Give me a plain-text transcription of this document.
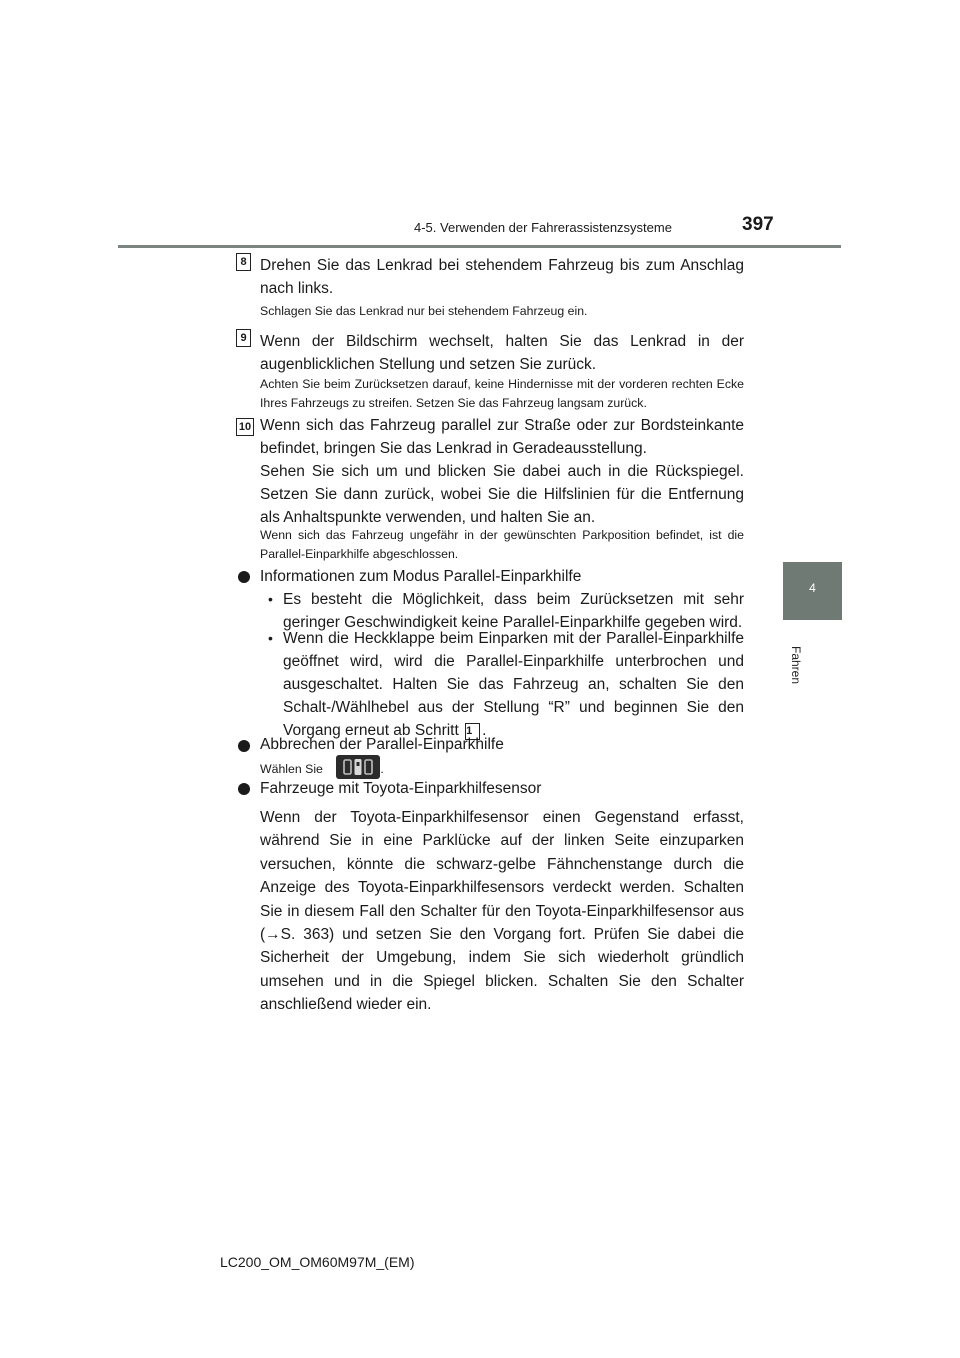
4-5. Verwenden der Fahrerassistenzsysteme	397
4
Fahren
8 Drehen Sie das Lenkrad bei stehendem Fahrzeug bis zum Anschlag nach links.
Schlagen Sie das Lenkrad nur bei stehendem Fahrzeug ein.
9 Wenn der Bildschirm wechselt, halten Sie das Lenkrad in der augenblicklichen Stellung und setzen Sie zurück.
Achten Sie beim Zurücksetzen darauf, keine Hindernisse mit der vorderen rechten Ecke Ihres Fahrzeugs zu streifen. Setzen Sie das Fahrzeug langsam zurück.
10 Wenn sich das Fahrzeug parallel zur Straße oder zur Bordsteinkante befindet, bringen Sie das Lenkrad in Geradeausstellung.
Sehen Sie sich um und blicken Sie dabei auch in die Rückspiegel. Setzen Sie dann zurück, wobei Sie die Hilfslinien für die Entfernung als Anhaltspunkte verwenden, und halten Sie an.
Wenn sich das Fahrzeug ungefähr in der gewünschten Parkposition befindet, ist die Parallel-Einparkhilfe abgeschlossen.
Informationen zum Modus Parallel-Einparkhilfe
• Es besteht die Möglichkeit, dass beim Zurücksetzen mit sehr geringer Geschwindigkeit keine Parallel-Einparkhilfe gegeben wird.
• Wenn die Heckklappe beim Einparken mit der Parallel-Einparkhilfe geöffnet wird, wird die Parallel-Einparkhilfe unterbrochen und ausgeschaltet. Halten Sie das Fahrzeug an, schalten Sie den Schalt-/Wählhebel aus der Stellung “R” und beginnen Sie den Vorgang erneut ab Schritt 1 .
Abbrechen der Parallel-Einparkhilfe
Wählen Sie	.
Fahrzeuge mit Toyota-Einparkhilfesensor
Wenn der Toyota-Einparkhilfesensor einen Gegenstand erfasst, während Sie in eine Parklücke auf der linken Seite einzuparken versuchen, könnte die schwarz-gelbe Fähnchenstange durch die Anzeige des Toyota-Einparkhilfesensors verdeckt werden. Schalten Sie in diesem Fall den Schalter für den Toyota-Einparkhilfesensor aus (→S. 363) und setzen Sie den Vorgang fort. Prüfen Sie dabei die Sicherheit der Umgebung, indem Sie sich wiederholt gründlich umsehen und in die Spiegel blicken. Schalten Sie den Schalter anschließend wieder ein.
LC200_OM_OM60M97M_(EM)
